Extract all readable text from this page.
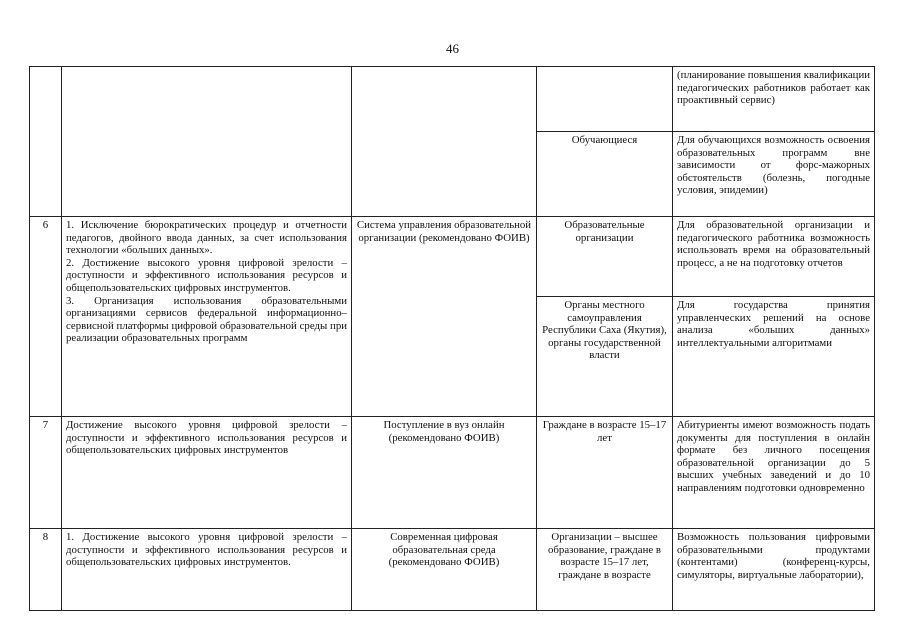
46

			(планирование повышения квалификации педагогических работников работает как проактивный сервис)
			Обучающиеся	Для обучающихся возможность освоения образовательных программ вне зависимости от форс-мажорных обстоятельств (болезнь, погодные условия, эпидемии)
6	1. Исключение бюрократических процедур и отчетности педагогов, двойного ввода данных, за счет использования технологии «больших данных».
2. Достижение высокого уровня цифровой зрелости – доступности и эффективного использования ресурсов и общепользовательских цифровых инструментов.
3. Организация использования образовательными организациями сервисов федеральной информационно–сервисной платформы цифровой образовательной среды при реализации образовательных программ	Система управления образовательной организации (рекомендовано ФОИВ)	Образовательные организации	Для образовательной организации и педагогического работника возможность использовать время на образовательный процесс, а не на подготовку отчетов
			Органы местного самоуправления Республики Саха (Якутия), органы государственной власти	Для государства принятия управленческих решений на основе анализа «больших данных» интеллектуальными алгоритмами
7	Достижение высокого уровня цифровой зрелости – доступности и эффективного использования ресурсов и общепользовательских цифровых инструментов	Поступление в вуз онлайн (рекомендовано ФОИВ)	Граждане в возрасте 15–17 лет	Абитуриенты имеют возможность подать документы для поступления в онлайн формате без личного посещения образовательной организации до 5 высших учебных заведений и до 10 направлениям подготовки одновременно
8	1. Достижение высокого уровня цифровой зрелости – доступности и эффективного использования ресурсов и общепользовательских цифровых инструментов.	Современная цифровая образовательная среда (рекомендовано ФОИВ)	Организации – высшее образование, граждане в возрасте 15–17 лет, граждане в возрасте	Возможность пользования цифровыми образовательными продуктами (контентами) (конференц-курсы, симуляторы, виртуальные лаборатории),
